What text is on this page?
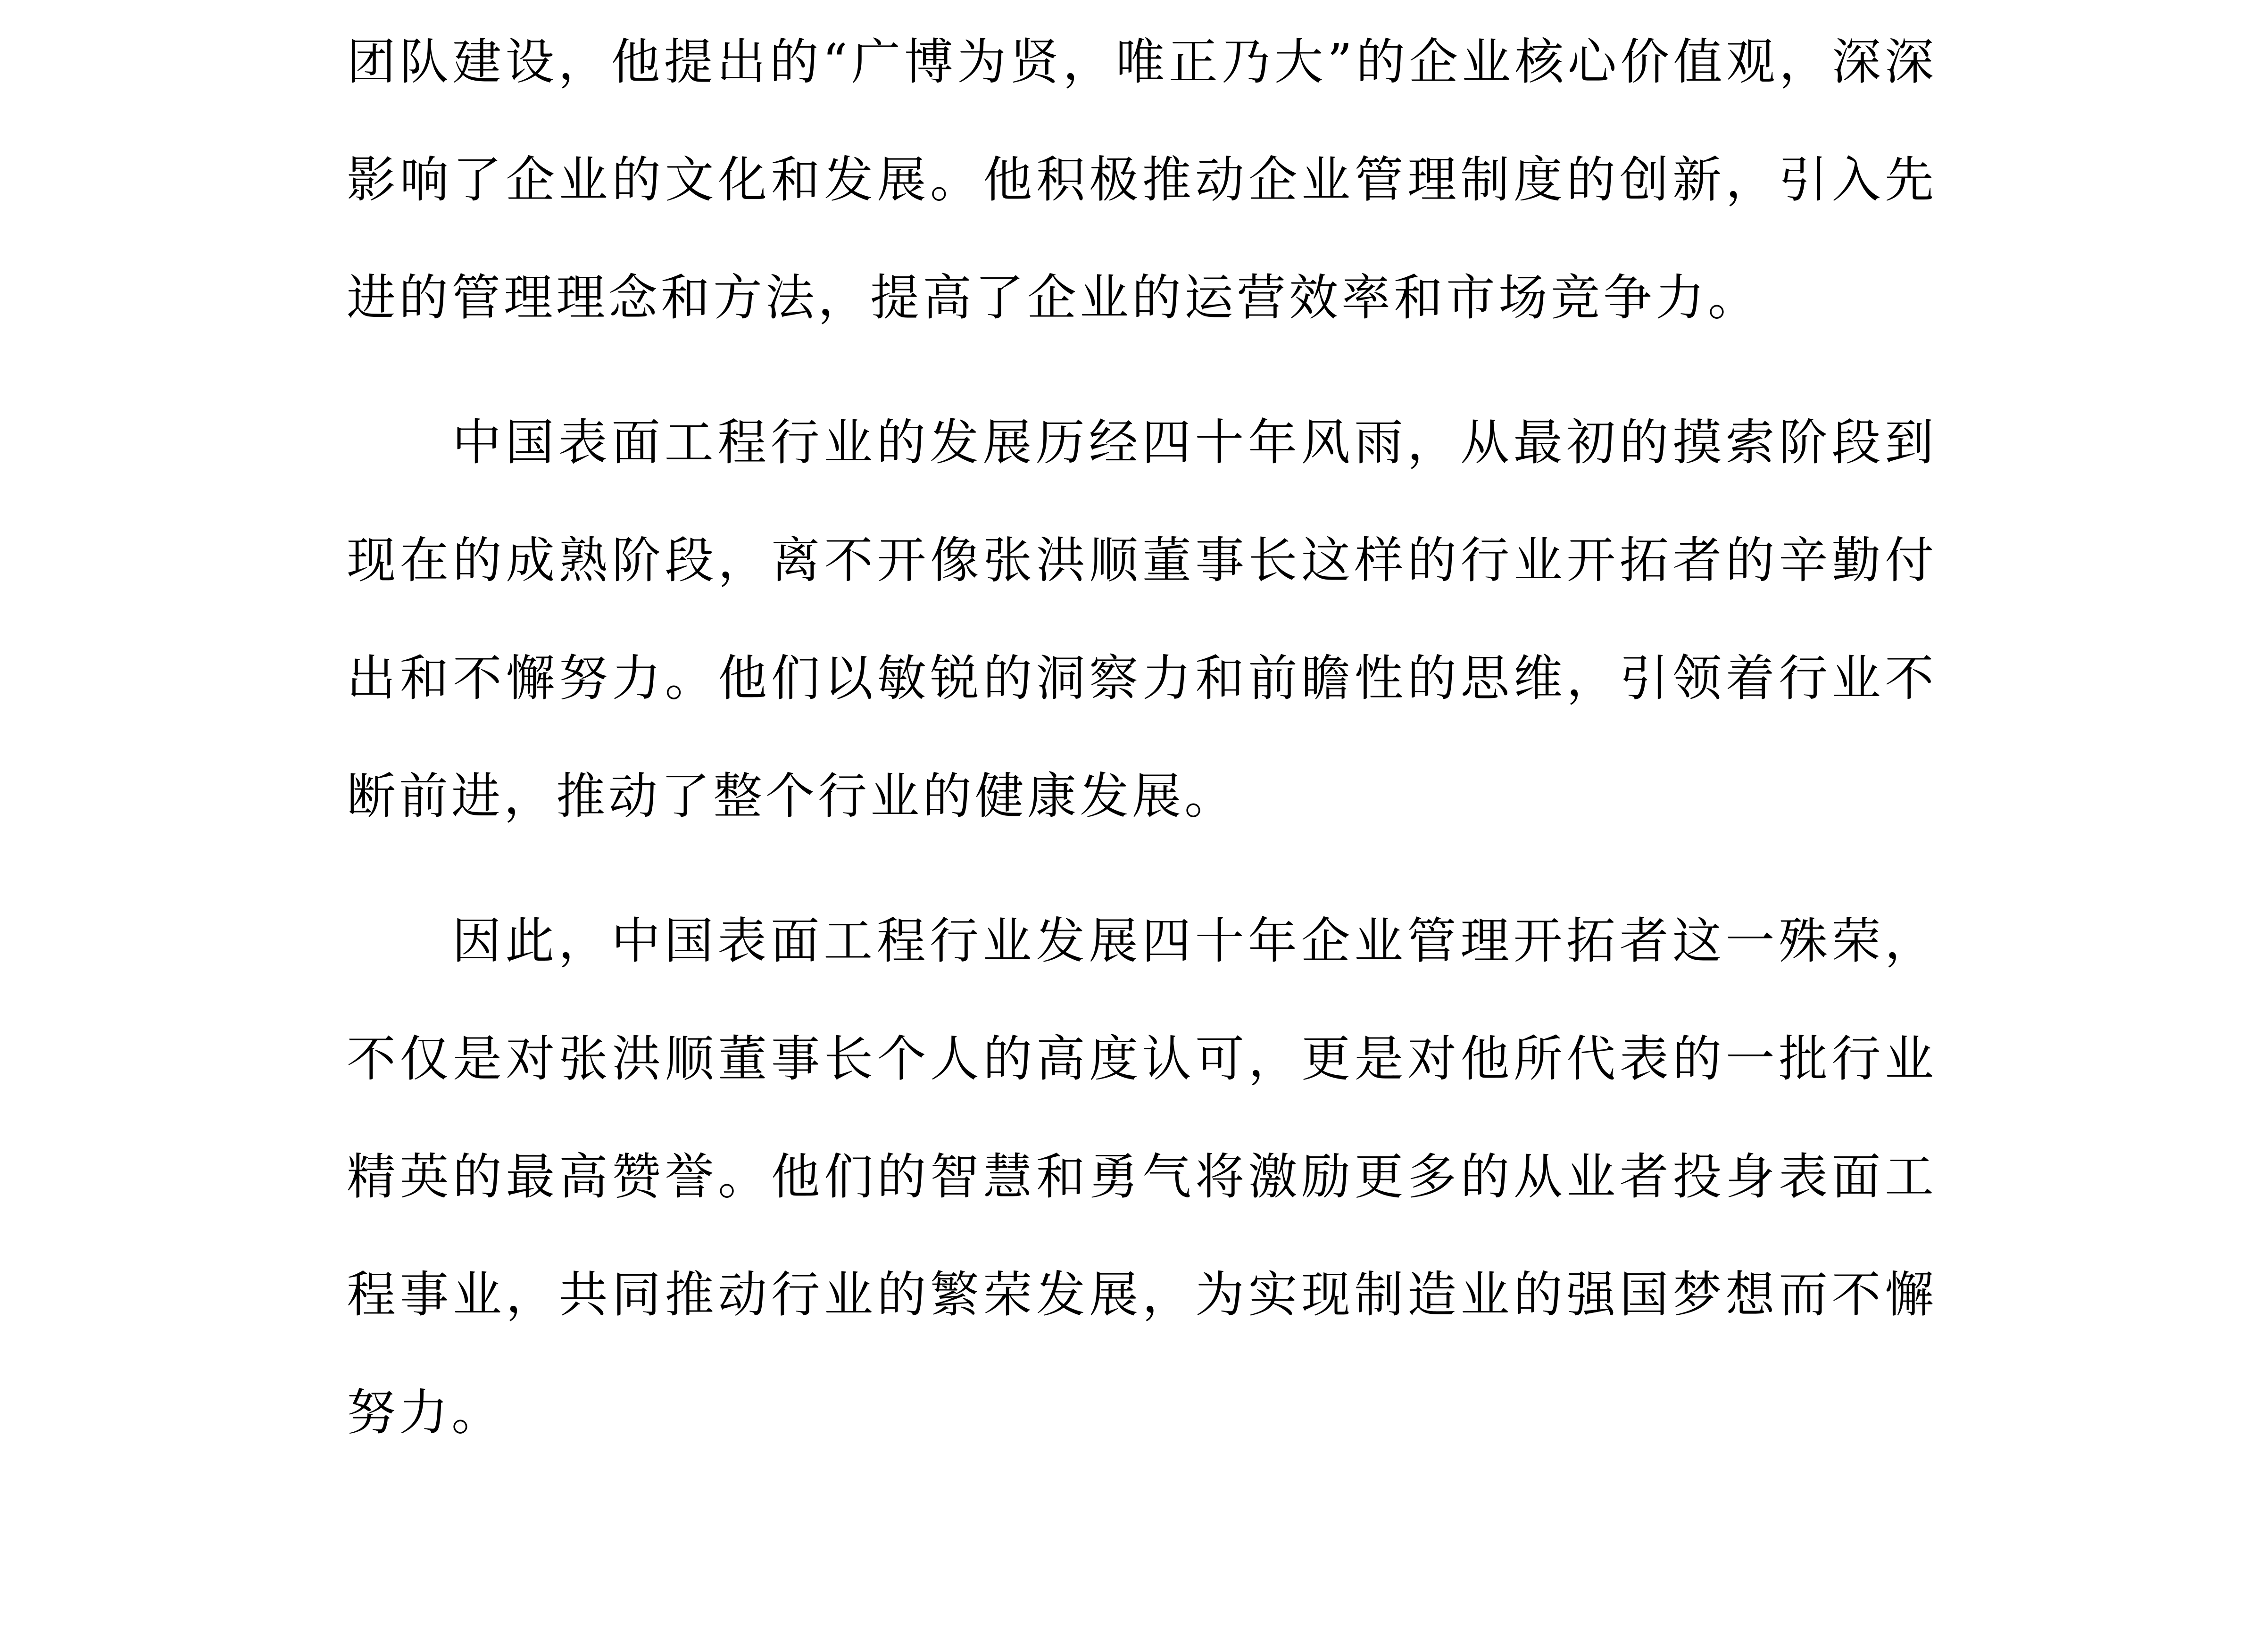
团队建设，他提出的“广博为贤，唯正乃大”的企业核心价值观，深深影响了企业的文化和发展。他积极推动企业管理制度的创新，引入先进的管理理念和方法，提高了企业的运营效率和市场竞争力。

中国表面工程行业的发展历经四十年风雨，从最初的摸索阶段到现在的成熟阶段，离不开像张洪顺董事长这样的行业开拓者的辛勤付出和不懈努力。他们以敏锐的洞察力和前瞻性的思维，引领着行业不断前进，推动了整个行业的健康发展。

因此，中国表面工程行业发展四十年企业管理开拓者这一殊荣，不仅是对张洪顺董事长个人的高度认可，更是对他所代表的一批行业精英的最高赞誉。他们的智慧和勇气将激励更多的从业者投身表面工程事业，共同推动行业的繁荣发展，为实现制造业的强国梦想而不懈努力。
